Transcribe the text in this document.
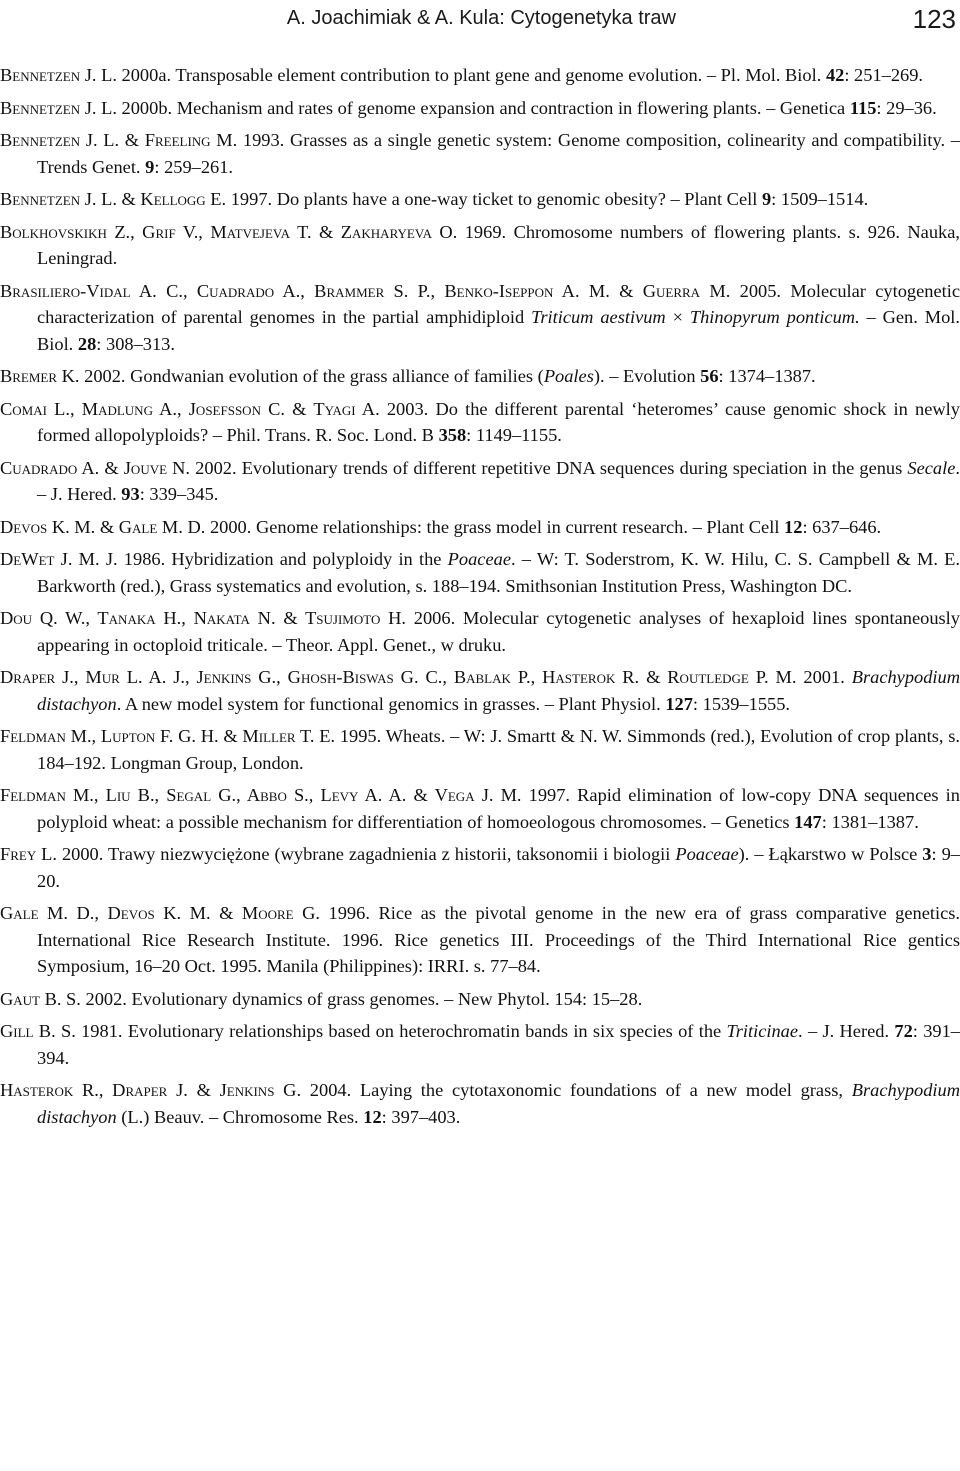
A. Joachimiak & A. Kula: Cytogenetyka traw	123

Bennetzen J. L. 2000a. Transposable element contribution to plant gene and genome evolution. – Pl. Mol. Biol. 42: 251–269.

Bennetzen J. L. 2000b. Mechanism and rates of genome expansion and contraction in flowering plants. – Genetica 115: 29–36.

Bennetzen J. L. & Freeling M. 1993. Grasses as a single genetic system: Genome composition, colinearity and compatibility. – Trends Genet. 9: 259–261.

Bennetzen J. L. & Kellogg E. 1997. Do plants have a one-way ticket to genomic obesity? – Plant Cell 9: 1509–1514.

Bolkhovskikh Z., Grif V., Matvejeva T. & Zakharyeva O. 1969. Chromosome numbers of flowering plants. s. 926. Nauka, Leningrad.

Brasiliero-Vidal A. C., Cuadrado A., Brammer S. P., Benko-Iseppon A. M. & Guerra M. 2005. Molecular cytogenetic characterization of parental genomes in the partial amphidiploid Triticum aestivum × Thinopyrum ponticum. – Gen. Mol. Biol. 28: 308–313.

Bremer K. 2002. Gondwanian evolution of the grass alliance of families (Poales). – Evolution 56: 1374–1387.

Comai L., Madlung A., Josefsson C. & Tyagi A. 2003. Do the different parental ‘heteromes’ cause genomic shock in newly formed allopolyploids? – Phil. Trans. R. Soc. Lond. B 358: 1149–1155.

Cuadrado A. & Jouve N. 2002. Evolutionary trends of different repetitive DNA sequences during speciation in the genus Secale. – J. Hered. 93: 339–345.

Devos K. M. & Gale M. D. 2000. Genome relationships: the grass model in current research. – Plant Cell 12: 637–646.

DeWet J. M. J. 1986. Hybridization and polyploidy in the Poaceae. – W: T. Soderstrom, K. W. Hilu, C. S. Campbell & M. E. Barkworth (red.), Grass systematics and evolution, s. 188–194. Smithsonian Institution Press, Washington DC.

Dou Q. W., Tanaka H., Nakata N. & Tsujimoto H. 2006. Molecular cytogenetic analyses of hexaploid lines spontaneously appearing in octoploid triticale. – Theor. Appl. Genet., w druku.

Draper J., Mur L. A. J., Jenkins G., Ghosh-Biswas G. C., Bablak P., Hasterok R. & Routledge P. M. 2001. Brachypodium distachyon. A new model system for functional genomics in grasses. – Plant Physiol. 127: 1539–1555.

Feldman M., Lupton F. G. H. & Miller T. E. 1995. Wheats. – W: J. Smartt & N. W. Simmonds (red.), Evolution of crop plants, s. 184–192. Longman Group, London.

Feldman M., Liu B., Segal G., Abbo S., Levy A. A. & Vega J. M. 1997. Rapid elimination of low-copy DNA sequences in polyploid wheat: a possible mechanism for differentiation of homoeologous chromosomes. – Genetics 147: 1381–1387.

Frey L. 2000. Trawy niezwyciężone (wybrane zagadnienia z historii, taksonomii i biologii Poaceae). – Łąkarstwo w Polsce 3: 9–20.

Gale M. D., Devos K. M. & Moore G. 1996. Rice as the pivotal genome in the new era of grass comparative genetics. International Rice Research Institute. 1996. Rice genetics III. Proceedings of the Third International Rice gentics Symposium, 16–20 Oct. 1995. Manila (Philippines): IRRI. s. 77–84.

Gaut B. S. 2002. Evolutionary dynamics of grass genomes. – New Phytol. 154: 15–28.

Gill B. S. 1981. Evolutionary relationships based on heterochromatin bands in six species of the Triticinae. – J. Hered. 72: 391–394.

Hasterok R., Draper J. & Jenkins G. 2004. Laying the cytotaxonomic foundations of a new model grass, Brachypodium distachyon (L.) Beauv. – Chromosome Res. 12: 397–403.
